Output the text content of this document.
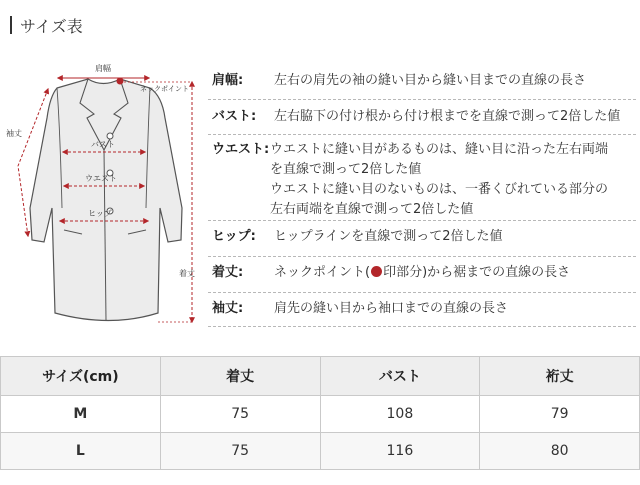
サイズ表
肩幅
ネックポイント
袖丈
バスト
ウエスト
ヒップ
着丈
肩幅:	左右の肩先の袖の縫い目から縫い目までの直線の長さ
バスト:	左右脇下の付け根から付け根までを直線で測って2倍した値
ウエスト: ウエストに縫い目があるものは、縫い目に沿った左右両端
を直線で測って2倍した値
ウエストに縫い目のないものは、一番くびれている部分の
左右両端を直線で測って2倍した値
ヒップ:	ヒップラインを直線で測って2倍した値
着丈:	ネックポイント( 印部分)から裾までの直線の長さ
袖丈:	肩先の縫い目から袖口までの直線の長さ
サイズ(cm)	着丈	バスト	裄丈
M	75	108	79
L	75	116	80
